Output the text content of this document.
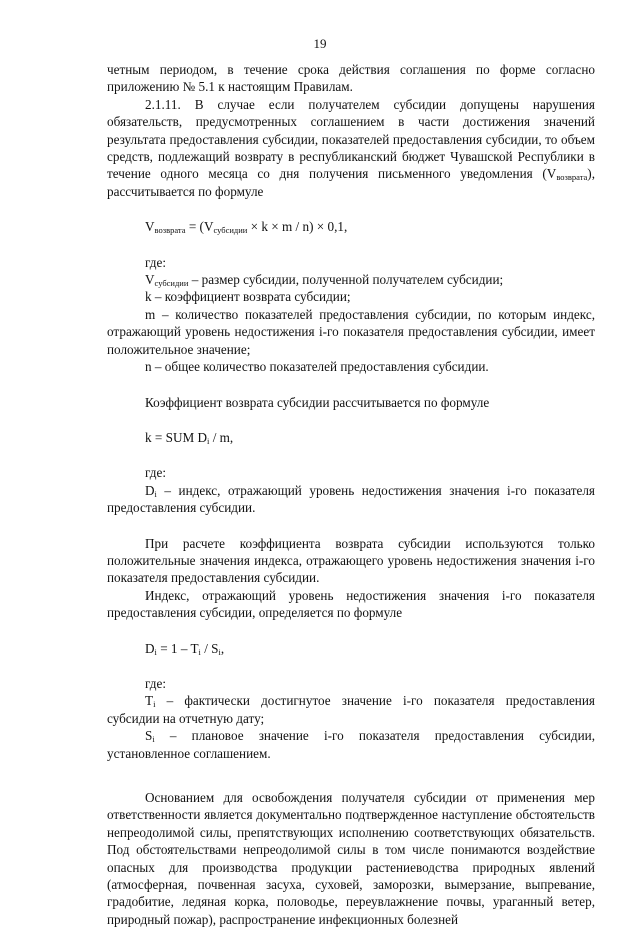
19

четным периодом, в течение срока действия соглашения по форме согласно приложению № 5.1 к настоящим Правилам.

2.1.11. В случае если получателем субсидии допущены нарушения обязательств, предусмотренных соглашением в части достижения значений результата предоставления субсидии, показателей предоставления субсидии, то объем средств, подлежащий возврату в республиканский бюджет Чувашской Республики в течение одного месяца со дня получения письменного уведомления $(V_{возврата})$, рассчитывается по формуле

$V_{возврата} = (V_{субсидии} \times k \times m / n) \times 0,1$,

где:

$V_{субсидии}$ – размер субсидии, полученной получателем субсидии;

k – коэффициент возврата субсидии;

m – количество показателей предоставления субсидии, по которым индекс, отражающий уровень недостижения i-го показателя предоставления субсидии, имеет положительное значение;

n – общее количество показателей предоставления субсидии.

Коэффициент возврата субсидии рассчитывается по формуле

k = SUM $D_i$ / m,

где:

$D_i$ – индекс, отражающий уровень недостижения значения i-го показателя предоставления субсидии.

При расчете коэффициента возврата субсидии используются только положительные значения индекса, отражающего уровень недостижения значения i-го показателя предоставления субсидии.

Индекс, отражающий уровень недостижения значения i-го показателя предоставления субсидии, определяется по формуле

$D_i = 1 - T_i / S_i$,

где:

$T_i$ – фактически достигнутое значение i-го показателя предоставления субсидии на отчетную дату;

$S_i$ – плановое значение i-го показателя предоставления субсидии, установленное соглашением.

Основанием для освобождения получателя субсидии от применения мер ответственности является документально подтвержденное наступление обстоятельств непреодолимой силы, препятствующих исполнению соответствующих обязательств. Под обстоятельствами непреодолимой силы в том числе понимаются воздействие опасных для производства продукции растениеводства природных явлений (атмосферная, почвенная засуха, суховей, заморозки, вымерзание, выпревание, градобитие, ледяная корка, половодье, переувлажнение почвы, ураганный ветер, природный пожар), распространение инфекционных болезней
